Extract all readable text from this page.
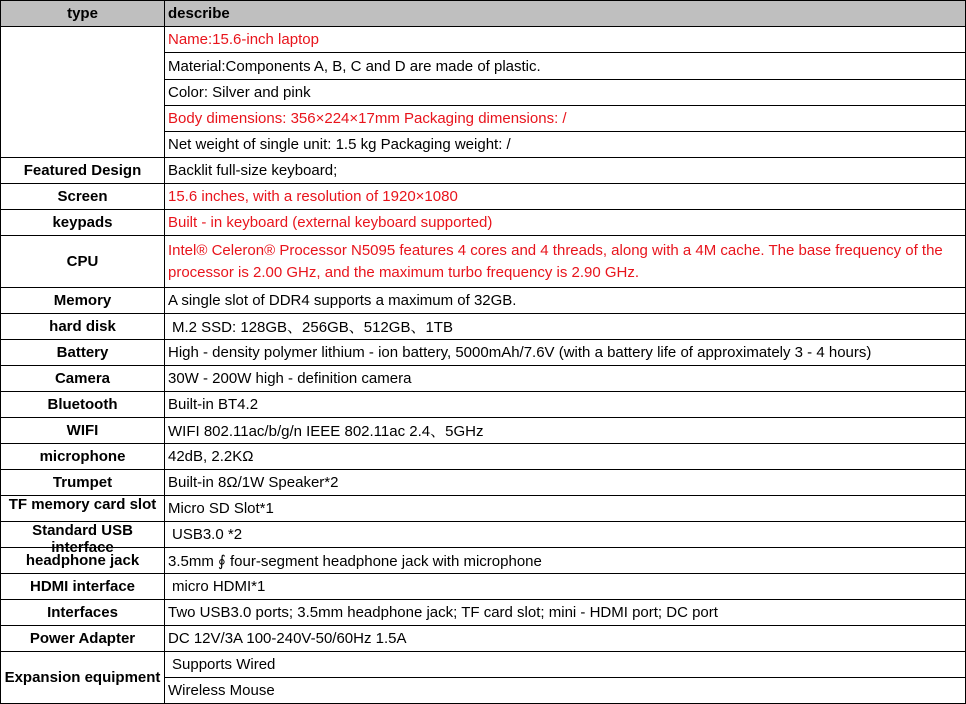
type	describe
	Name:15.6-inch laptop
	Material:Components A, B, C and D are made of plastic.
	Color: Silver and pink
	Body dimensions: 356×224×17mm Packaging dimensions: /
	Net weight of single unit: 1.5 kg Packaging weight: /
Featured Design	Backlit full-size keyboard;
Screen	15.6 inches, with a resolution of 1920×1080
keypads	Built - in keyboard (external keyboard supported)
CPU	Intel® Celeron® Processor N5095 features 4 cores and 4 threads, along with a 4M cache. The base frequency of the processor is 2.00 GHz, and the maximum turbo frequency is 2.90 GHz.
Memory	A single slot of DDR4 supports a maximum of 32GB.
hard disk	M.2 SSD: 128GB、256GB、512GB、1TB
Battery	High - density polymer lithium - ion battery, 5000mAh/7.6V (with a battery life of approximately 3 - 4 hours)
Camera	30W - 200W high - definition camera
Bluetooth	Built-in BT4.2
WIFI	WIFI 802.11ac/b/g/n IEEE 802.11ac 2.4、5GHz
microphone	42dB, 2.2KΩ
Trumpet	Built-in 8Ω/1W Speaker*2

TF memory card slot	Micro SD Slot*1

Standard USB interface	USB3.0 *2
headphone jack	3.5mm ∮ four-segment headphone jack with microphone
HDMI interface	micro HDMI*1
Interfaces	Two USB3.0 ports; 3.5mm headphone jack; TF card slot; mini - HDMI port; DC port
Power Adapter	DC 12V/3A 100-240V-50/60Hz 1.5A
Expansion equipment	Supports Wired
	Wireless Mouse
